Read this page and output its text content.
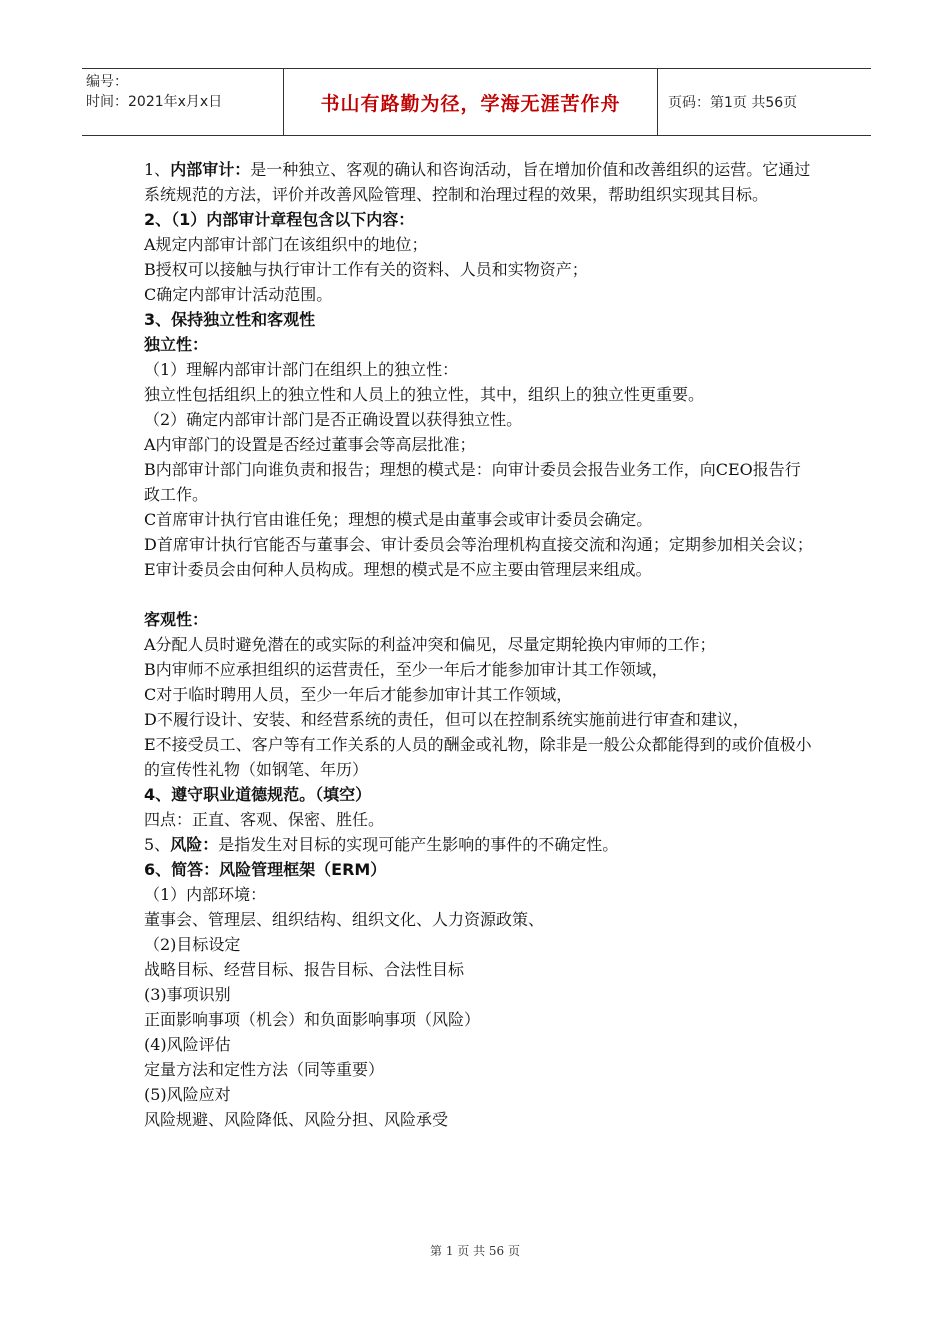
编号：
时间：2021年x月x日	书山有路勤为径，学海无涯苦作舟	页码：第1页 共56页
1、内部审计：是一种独立、客观的确认和咨询活动，旨在增加价值和改善组织的运营。它通过系统规范的方法，评价并改善风险管理、控制和治理过程的效果，帮助组织实现其目标。
2、（1）内部审计章程包含以下内容：
A规定内部审计部门在该组织中的地位；
B授权可以接触与执行审计工作有关的资料、人员和实物资产；
C确定内部审计活动范围。
3、保持独立性和客观性
独立性：
（1）理解内部审计部门在组织上的独立性：
独立性包括组织上的独立性和人员上的独立性，其中，组织上的独立性更重要。
（2）确定内部审计部门是否正确设置以获得独立性。
A内审部门的设置是否经过董事会等高层批准；
B内部审计部门向谁负责和报告；理想的模式是：向审计委员会报告业务工作，向CEO报告行政工作。
C首席审计执行官由谁任免；理想的模式是由董事会或审计委员会确定。
D首席审计执行官能否与董事会、审计委员会等治理机构直接交流和沟通；定期参加相关会议；
E审计委员会由何种人员构成。理想的模式是不应主要由管理层来组成。
客观性：
A分配人员时避免潜在的或实际的利益冲突和偏见，尽量定期轮换内审师的工作；
B内审师不应承担组织的运营责任，至少一年后才能参加审计其工作领域，
C对于临时聘用人员，至少一年后才能参加审计其工作领域，
D不履行设计、安装、和经营系统的责任，但可以在控制系统实施前进行审查和建议，
E不接受员工、客户等有工作关系的人员的酬金或礼物，除非是一般公众都能得到的或价值极小的宣传性礼物（如钢笔、年历）
4、遵守职业道德规范。（填空）
四点：正直、客观、保密、胜任。
5、风险：是指发生对目标的实现可能产生影响的事件的不确定性。
6、简答：风险管理框架（ERM）
（1）内部环境：
董事会、管理层、组织结构、组织文化、人力资源政策、
（2)目标设定
战略目标、经营目标、报告目标、合法性目标
(3)事项识别
正面影响事项（机会）和负面影响事项（风险）
(4)风险评估
定量方法和定性方法（同等重要）
(5)风险应对
风险规避、风险降低、风险分担、风险承受
第 1 页 共 56 页
